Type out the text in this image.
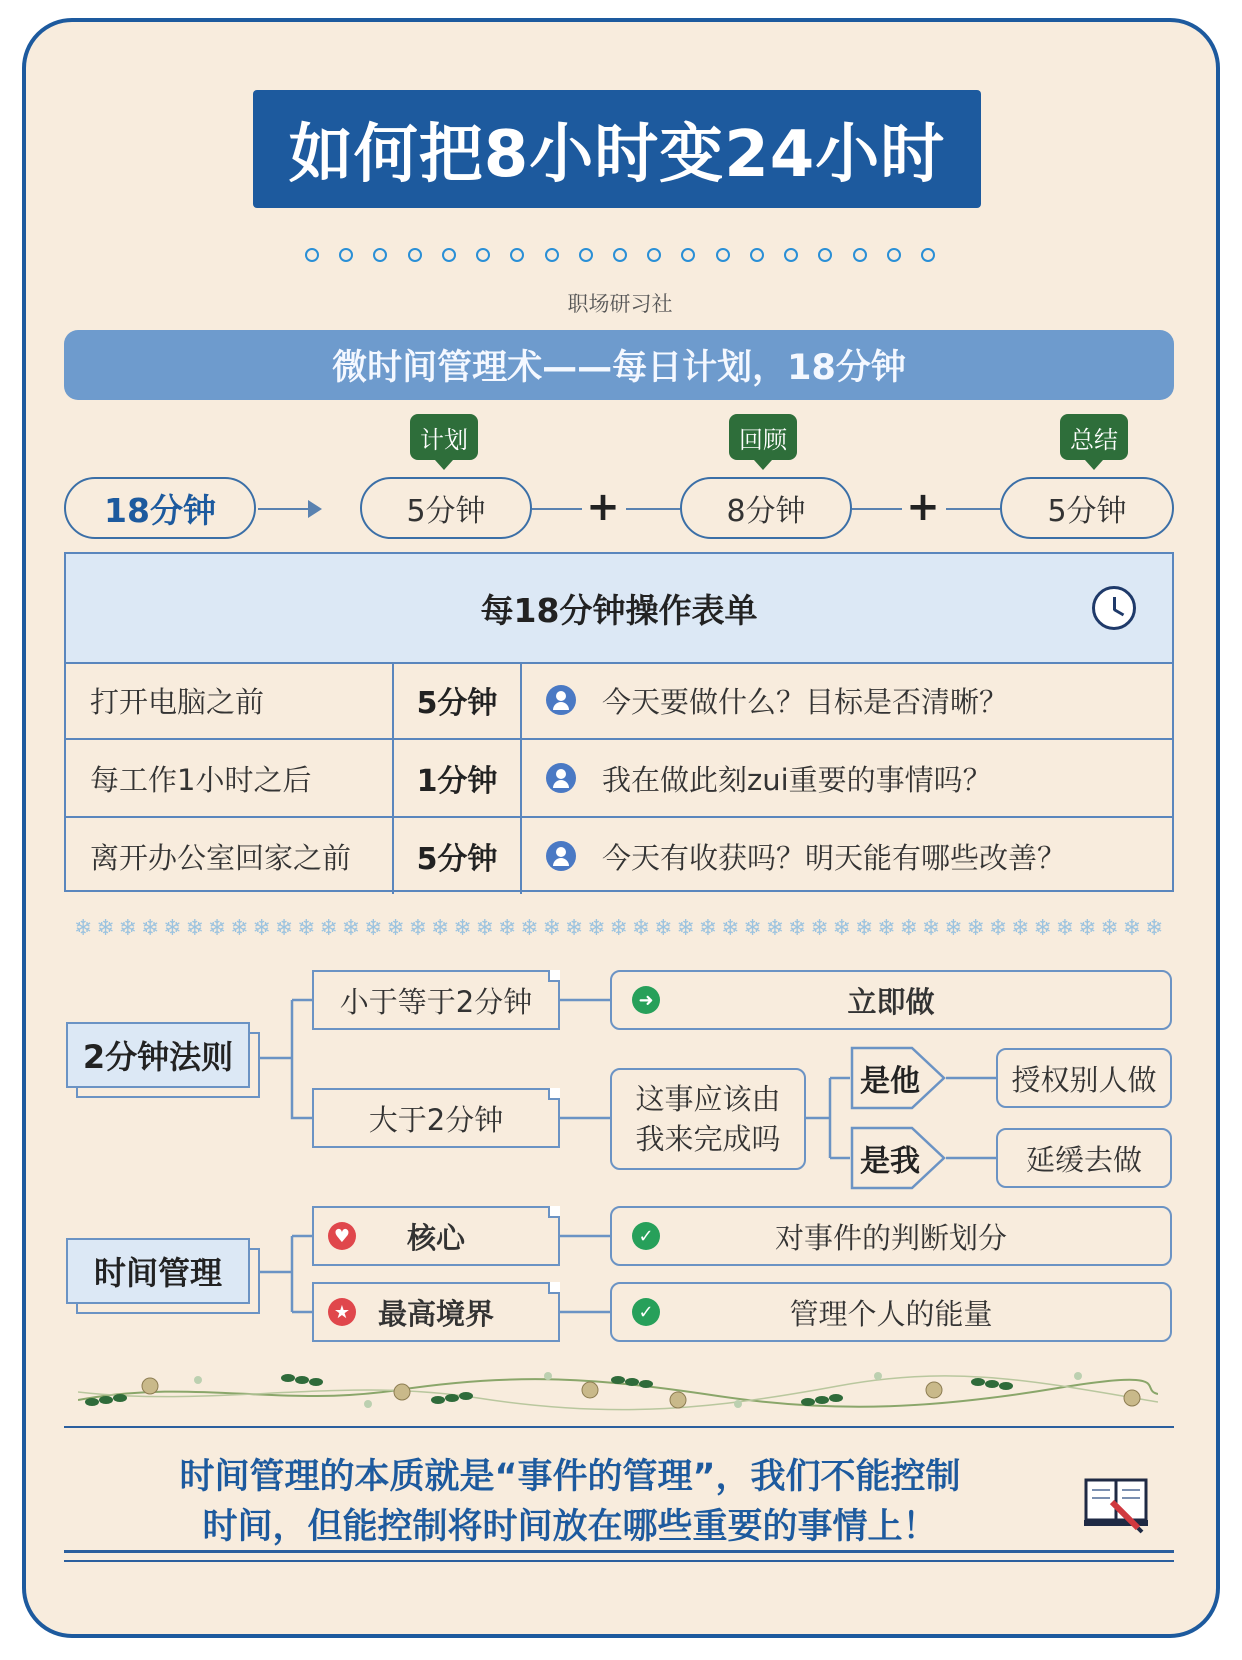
如何把8小时变24小时
职场研习社
微时间管理术——每日计划，18分钟
18分钟
计划
5分钟	+
回顾
8分钟	+
总结
5分钟
每18分钟操作表单
打开电脑之前	5分钟	今天要做什么？目标是否清晰？
每工作1小时之后	1分钟	我在做此刻zui重要的事情吗？
离开办公室回家之前	5分钟	今天有收获吗？明天能有哪些改善？
❄ ❄ ❄ ❄ ❄ ❄ ❄ ❄ ❄ ❄ ❄ ❄ ❄ ❄ ❄ ❄ ❄ ❄ ❄ ❄ ❄ ❄ ❄ ❄ ❄ ❄ ❄ ❄ ❄ ❄ ❄ ❄ ❄ ❄ ❄ ❄ ❄ ❄ ❄ ❄ ❄ ❄ ❄ ❄ ❄ ❄ ❄ ❄ ❄
2分钟法则
小于等于2分钟	➜	立即做
大于2分钟
这事应该由
我来完成吗
是他	授权别人做
是我	延缓去做
时间管理
♥ 核心	✓	对事件的判断划分
★ 最高境界	✓	管理个人的能量
时间管理的本质就是“事件的管理”，我们不能控制
时间，但能控制将时间放在哪些重要的事情上！
